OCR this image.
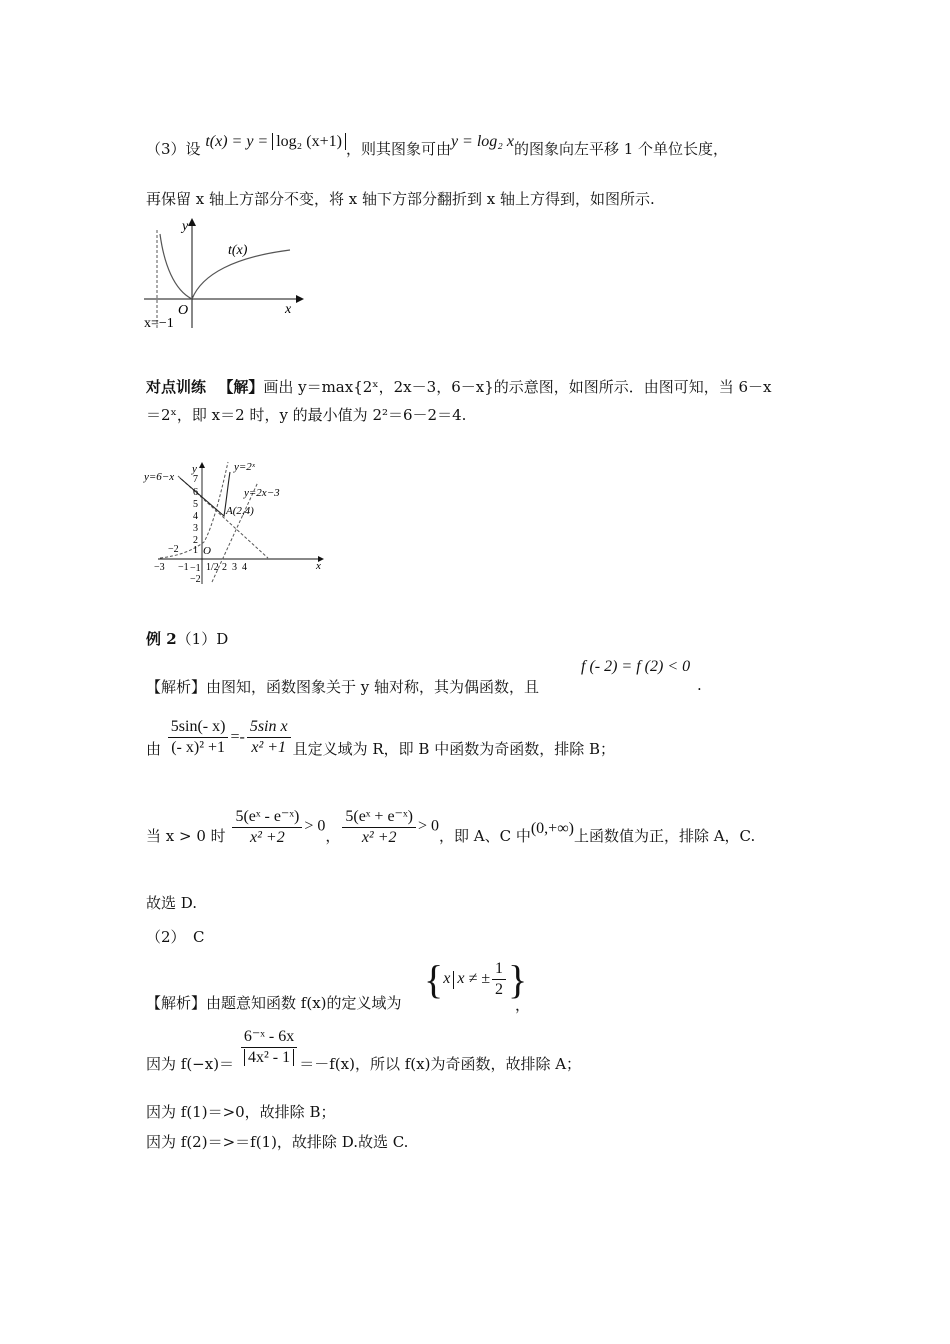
（3）设 t(x) = y = log₂ (x+1) ，则其图象可由y = log₂ x的图象向左平移 1 个单位长度，
再保留 x 轴上方部分不变，将 x 轴下方部分翻折到 x 轴上方得到，如图所示.
y
x
O
t(x)
x=−1
对点训练 　 【解】画出 y＝max{2ˣ，2x－3，6－x}的示意图，如图所示．由图可知，当 6－x
＝2ˣ，即 x＝2 时，y 的最小值为 2²＝6－2＝4.
y
x
O
y=2ˣ
y=2x−3
y=6−x
A(2,4)
7
6
5
4
3
2
1
−1
−2
−2
−3 −1 1/2 2 3 4
例 2（1）D
【解析】由图知，函数图象关于 y 轴对称，其为偶函数，且
f (- 2) = f (2) < 0
.
由 $\frac{5\sin(- x)}{\text{(- x)² +1}} =- \frac{\text{5sin x}}{\text{x² +1}}$ 且定义域为 R，即 B 中函数为奇函数，排除 B；
当 x > 0 时 $\frac{\text{5(eˣ - e⁻ˣ)}}{\text{x² +2}} > 0$， $\frac{\text{5(eˣ + e⁻ˣ)}}{\text{x² +2}} > 0$，即 A、C 中(0,+∞)上函数值为正，排除 A，C.
故选 D.
（2）　C
【解析】由题意知函数 f(x)的定义域为
{x x ≠ ± $\frac{1}{2}$ }
，
因为 $f(-x)= \frac{\text{6⁻ˣ - 6x}}{\text{4x² - 1}} =-f(x)$，所以 f(x)为奇函数，故排除 A；
因为 f(1)＝>0，故排除 B；
因为 f(2)＝>＝f(1)，故排除 D.故选 C.
